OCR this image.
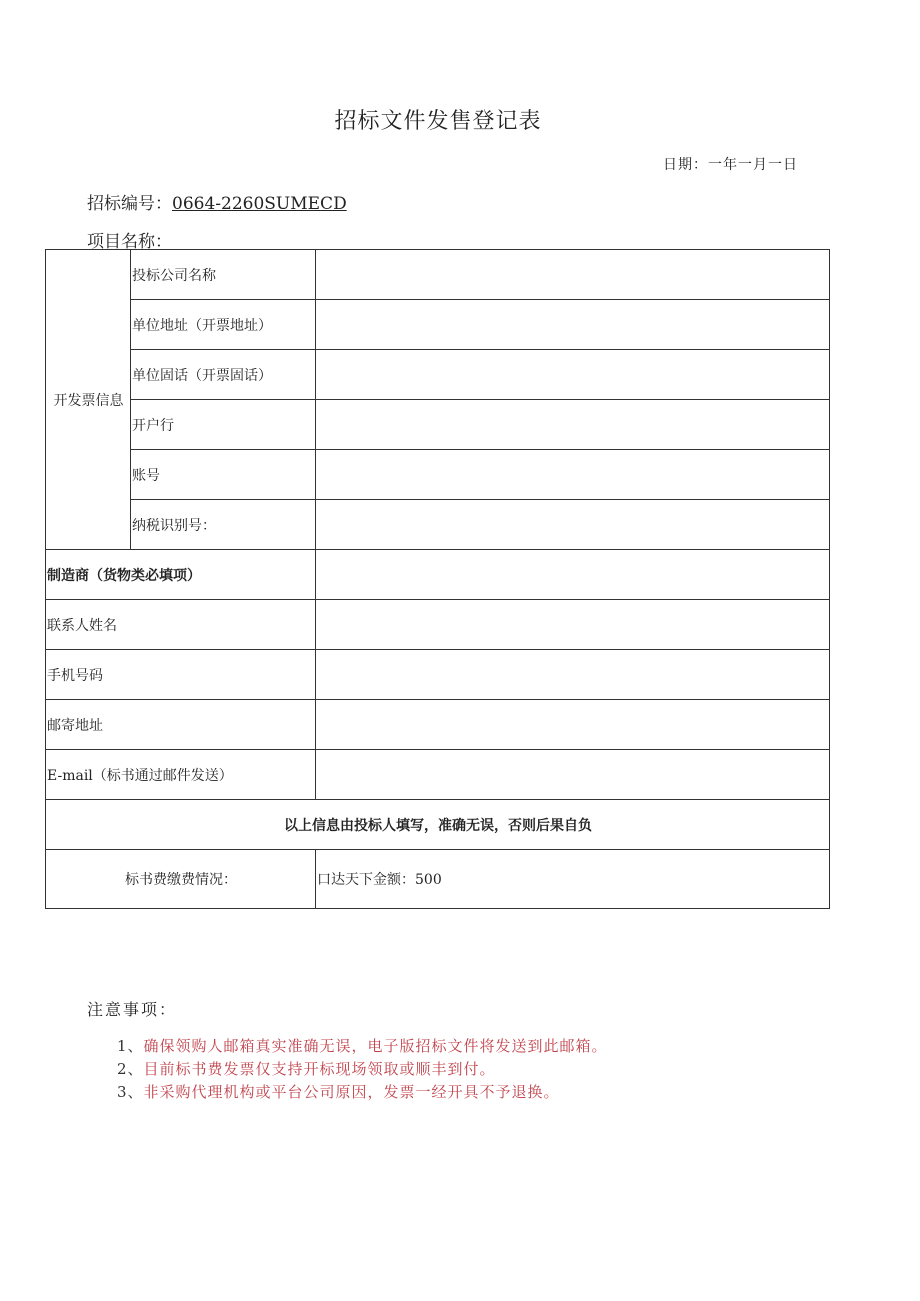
招标文件发售登记表
日期：一年一月一日
招标编号：0664-2260SUMECD
项目名称：
开发票信息	投标公司名称	
	单位地址（开票地址）	
	单位固话（开票固话）	
	开户行	
	账号	
	纳税识别号：	
制造商（货物类必填项）		
联系人姓名		
手机号码		
邮寄地址		
E-mail（标书通过邮件发送）		
以上信息由投标人填写，准确无误，否则后果自负		
标书费缴费情况：		口达天下金额：500
注意事项：
1、确保领购人邮箱真实准确无误，电子版招标文件将发送到此邮箱。
2、目前标书费发票仅支持开标现场领取或顺丰到付。
3、非采购代理机构或平台公司原因，发票一经开具不予退换。
